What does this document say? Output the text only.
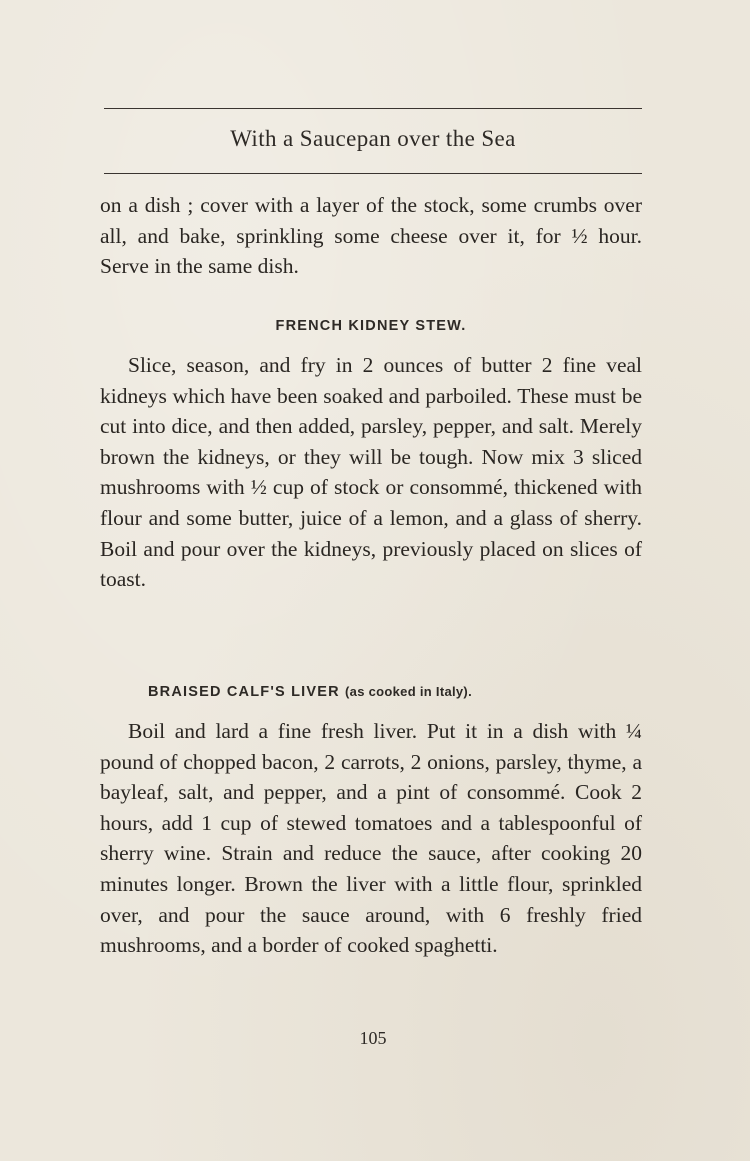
With a Saucepan over the Sea

on a dish ; cover with a layer of the stock, some crumbs over all, and bake, sprinkling some cheese over it, for ½ hour. Serve in the same dish.

FRENCH KIDNEY STEW.

Slice, season, and fry in 2 ounces of butter 2 fine veal kidneys which have been soaked and parboiled. These must be cut into dice, and then added, parsley, pepper, and salt. Merely brown the kidneys, or they will be tough. Now mix 3 sliced mushrooms with ½ cup of stock or consommé, thickened with flour and some butter, juice of a lemon, and a glass of sherry. Boil and pour over the kidneys, previously placed on slices of toast.

BRAISED CALF'S LIVER (as cooked in Italy).

Boil and lard a fine fresh liver. Put it in a dish with ¼ pound of chopped bacon, 2 carrots, 2 onions, parsley, thyme, a bayleaf, salt, and pepper, and a pint of consommé. Cook 2 hours, add 1 cup of stewed tomatoes and a tablespoonful of sherry wine. Strain and reduce the sauce, after cooking 20 minutes longer. Brown the liver with a little flour, sprinkled over, and pour the sauce around, with 6 freshly fried mushrooms, and a border of cooked spaghetti.

105
